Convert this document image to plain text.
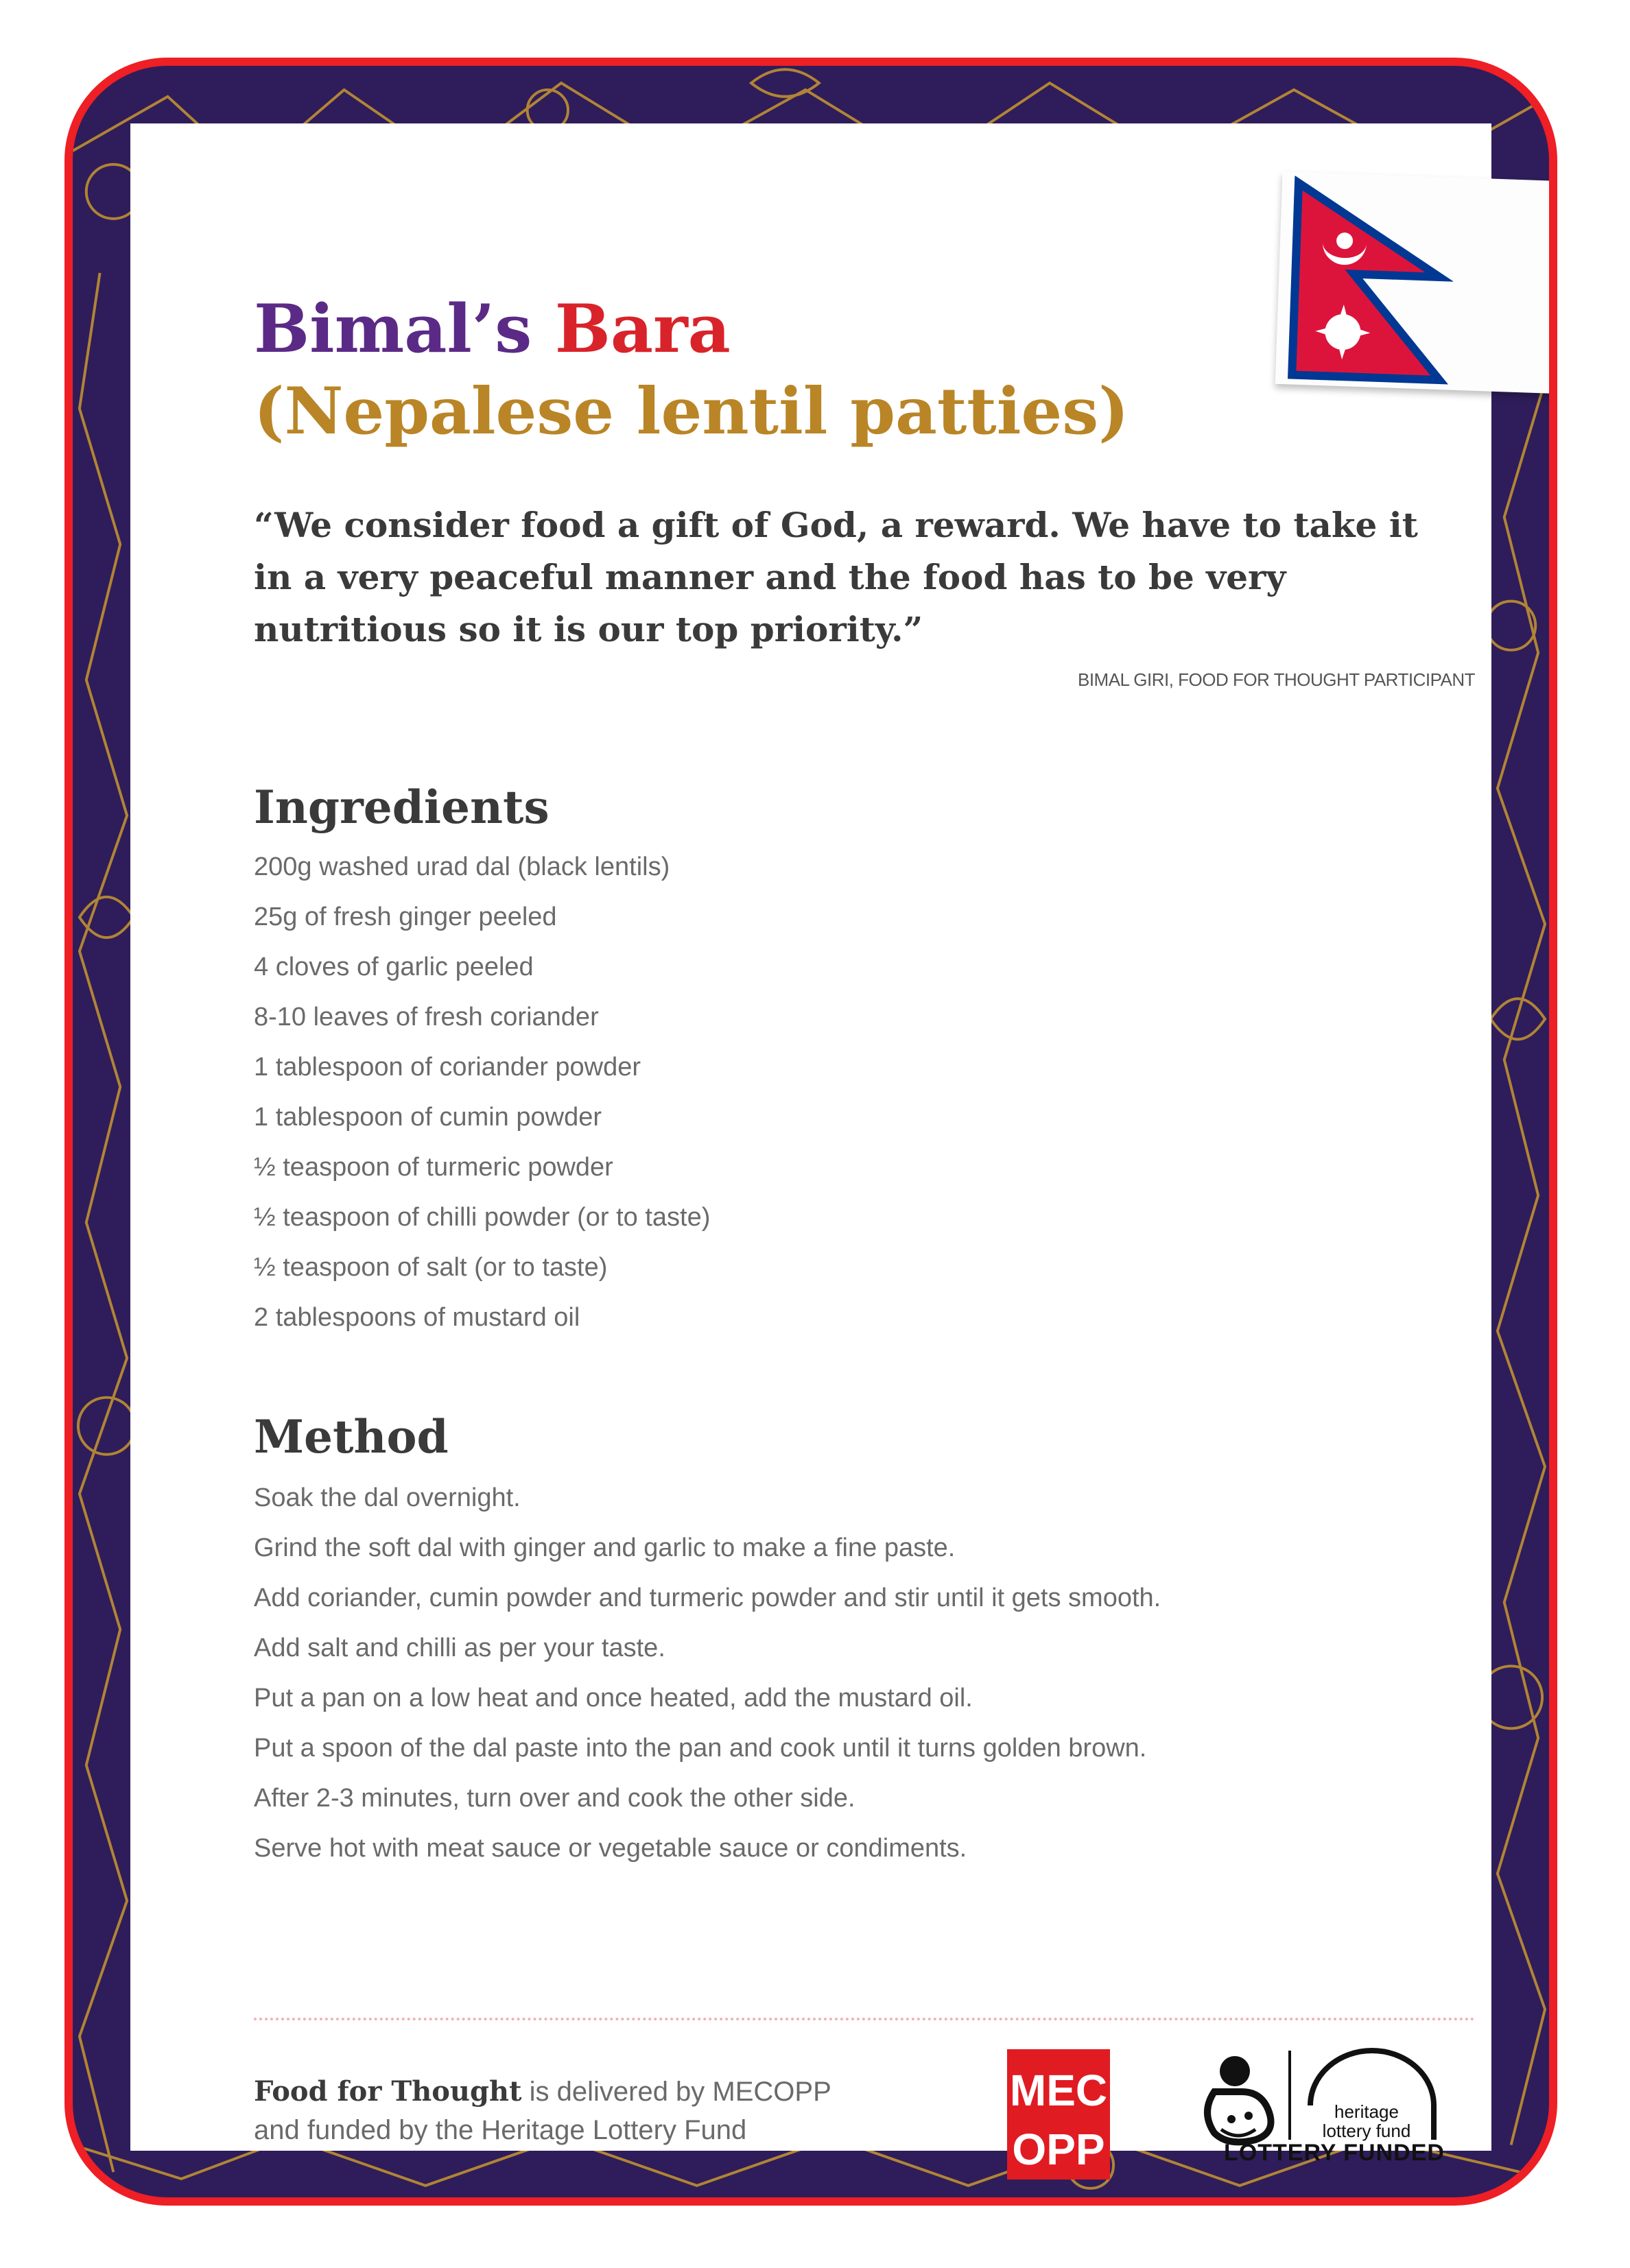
Bimal’s Bara
(Nepalese lentil patties)

“We consider food a gift of God, a reward. We have to take it in a very peaceful manner and the food has to be very nutritious so it is our top priority.”

BIMAL GIRI, FOOD FOR THOUGHT PARTICIPANT
Ingredients
200g washed urad dal (black lentils)
25g of fresh ginger peeled
4 cloves of garlic peeled
8-10 leaves of fresh coriander
1 tablespoon of coriander powder
1 tablespoon of cumin powder
½ teaspoon of turmeric powder
½ teaspoon of chilli powder (or to taste)
½ teaspoon of salt (or to taste)
2 tablespoons of mustard oil
Method
Soak the dal overnight.
Grind the soft dal with ginger and garlic to make a fine paste.
Add coriander, cumin powder and turmeric powder and stir until it gets smooth.
Add salt and chilli as per your taste.
Put a pan on a low heat and once heated, add the mustard oil.
Put a spoon of the dal paste into the pan and cook until it turns golden brown.
After 2-3 minutes, turn over and cook the other side.
Serve hot with meat sauce or vegetable sauce or condiments.
Food for Thought is delivered by MECOPP
and funded by the Heritage Lottery Fund
MEC
OPP
heritage
lottery fund
LOTTERY FUNDED
